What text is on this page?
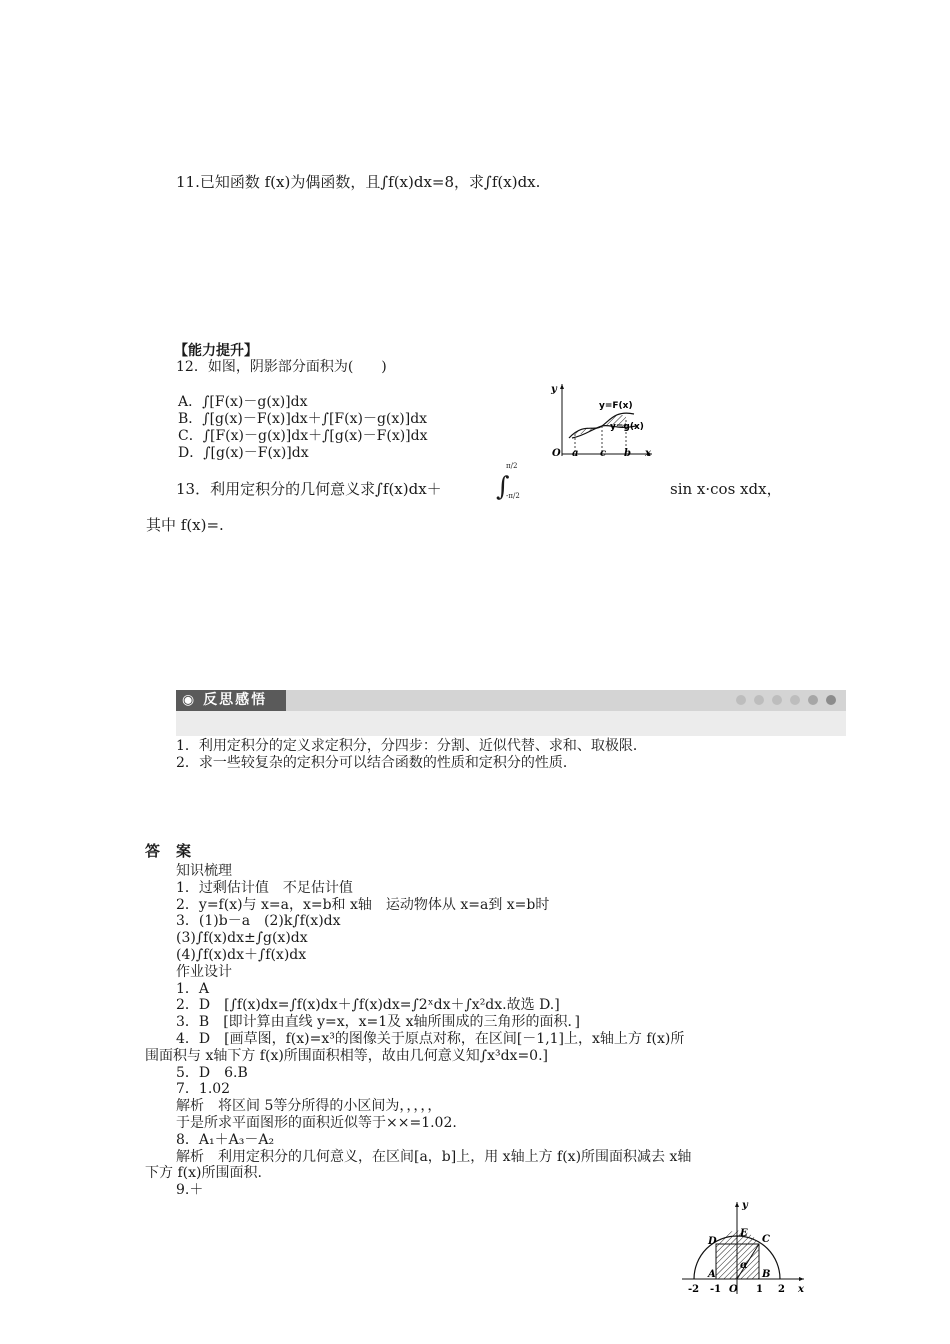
11.已知函数 f(x)为偶函数，且∫f(x)dx=8，求∫f(x)dx.
【能力提升】
12．如图，阴影部分面积为(　　)
A．∫[F(x)－g(x)]dx
B．∫[g(x)－F(x)]dx＋∫[F(x)－g(x)]dx
C．∫[F(x)－g(x)]dx＋∫[g(x)－F(x)]dx
D．∫[g(x)－F(x)]dx
y
x
O a c b
y=F(x)
y=g(x)
13．利用定积分的几何意义求∫f(x)dx＋
π/2
∫
-π/2	sin x·cos xdx，
其中 f(x)=.
◉ 反思感悟
1．利用定积分的定义求定积分，分四步：分割、近似代替、求和、取极限．
2．求一些较复杂的定积分可以结合函数的性质和定积分的性质．
答案
知识梳理
1．过剩估计值　不足估计值
2．y=f(x)与 x=a，x=b和 x轴　运动物体从 x=a到 x=b时
3．(1)b－a　(2)k∫f(x)dx
(3)∫f(x)dx±∫g(x)dx
(4)∫f(x)dx＋∫f(x)dx
作业设计
1．A
2．D　[∫f(x)dx=∫f(x)dx＋∫f(x)dx=∫2ˣdx＋∫x²dx.故选 D.]
3．B　[即计算由直线 y=x，x=1及 x轴所围成的三角形的面积．]
4．D　[画草图，f(x)=x³的图像关于原点对称，在区间[－1,1]上，x轴上方 f(x)所
围面积与 x轴下方 f(x)所围面积相等，故由几何意义知∫x³dx=0.]
5．D　6.B
7．1.02
解析　将区间 5等分所得的小区间为，，，，，
于是所求平面图形的面积近似等于××=1.02.
8．A₁＋A₃－A₂
解析　利用定积分的几何意义，在区间[a，b]上，用 x轴上方 f(x)所围面积减去 x轴
下方 f(x)所围面积.
9.＋
y
D
E
C
α
A	B
O	x
-2 -1	1 2
